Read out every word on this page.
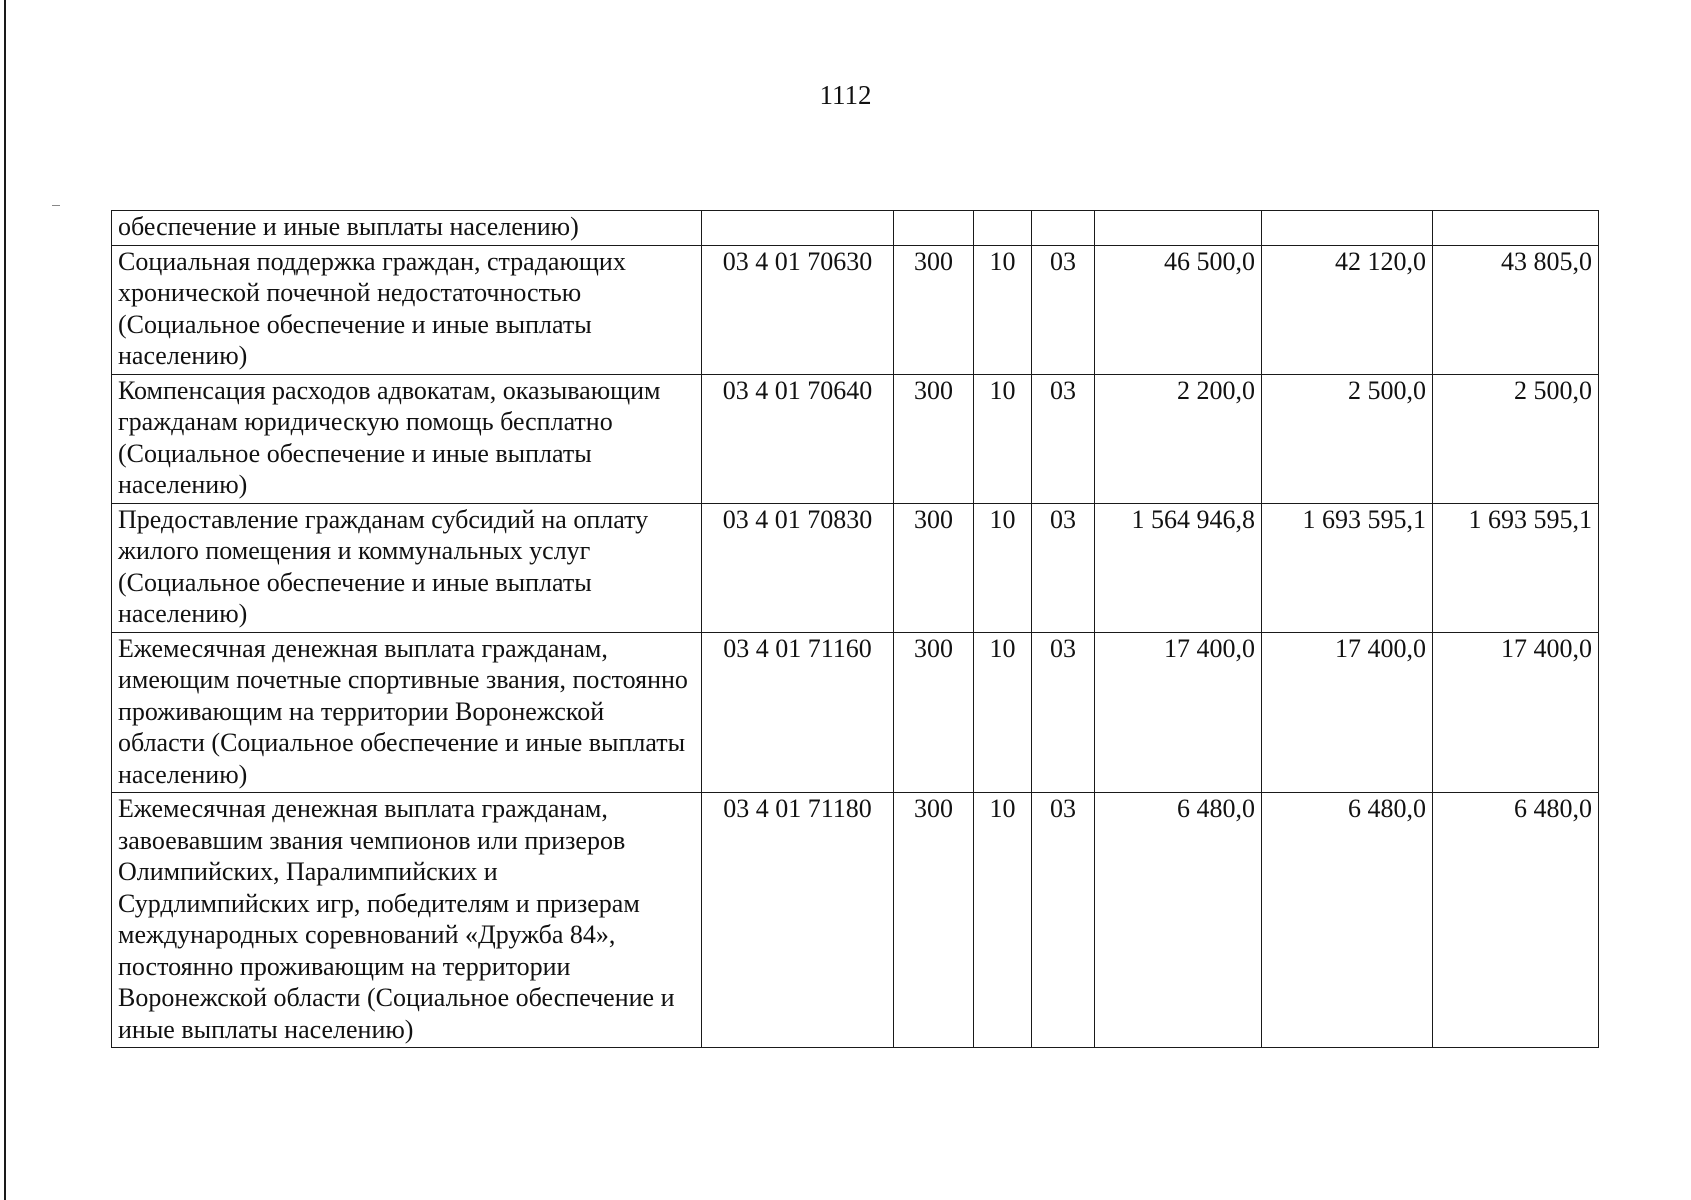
1112
обеспечение и иные выплаты населению)							
Социальная поддержка граждан, страдающих хронической почечной недостаточностью (Социальное обеспечение и иные выплаты населению)	03 4 01 70630	300	10	03	46 500,0	42 120,0	43 805,0
Компенсация расходов адвокатам, оказывающим гражданам юридическую помощь бесплатно (Социальное обеспечение и иные выплаты населению)	03 4 01 70640	300	10	03	2 200,0	2 500,0	2 500,0
Предоставление гражданам субсидий на оплату жилого помещения и коммунальных услуг (Социальное обеспечение и иные выплаты населению)	03 4 01 70830	300	10	03	1 564 946,8	1 693 595,1	1 693 595,1
Ежемесячная денежная выплата гражданам, имеющим почетные спортивные звания, постоянно проживающим на территории Воронежской области (Социальное обеспечение и иные выплаты населению)	03 4 01 71160	300	10	03	17 400,0	17 400,0	17 400,0
Ежемесячная денежная выплата гражданам, завоевавшим звания чемпионов или призеров Олимпийских, Паралимпийских и Сурдлимпийских игр, победителям и призерам международных соревнований «Дружба 84», постоянно проживающим на территории Воронежской области (Социальное обеспечение и иные выплаты населению)	03 4 01 71180	300	10	03	6 480,0	6 480,0	6 480,0
